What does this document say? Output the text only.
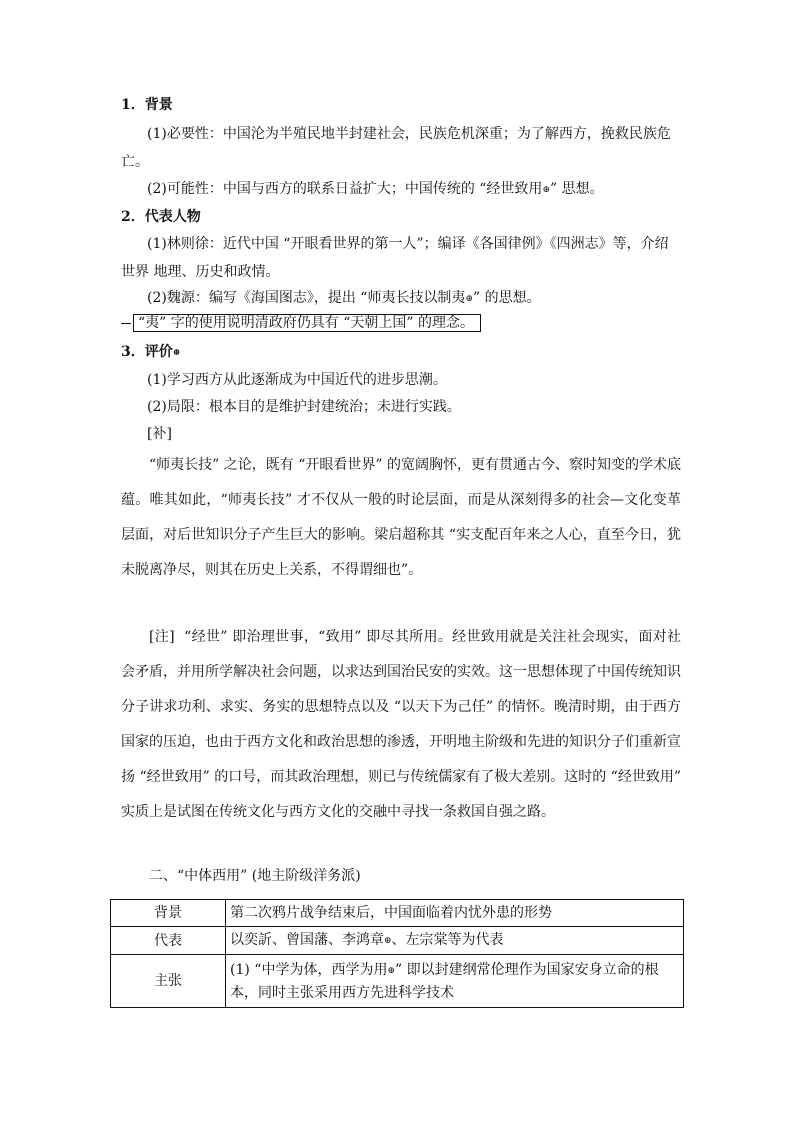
1．背景
(1)必要性：中国沦为半殖民地半封建社会，民族危机深重；为了解西方，挽救民族危
亡。
(2)可能性：中国与西方的联系日益扩大；中国传统的 “经世致用⊕” 思想。
2．代表人物
(1)林则徐：近代中国 “开眼看世界的第一人”；编译《各国律例》《四洲志》等，介绍
世界 地理、历史和政情。
(2)魏源：编写《海国图志》，提出 “师夷长技以制夷⊕” 的思想。
“夷” 字的使用说明清政府仍具有 “天朝上国” 的理念。
3．评价⊕
(1)学习西方从此逐渐成为中国近代的进步思潮。
(2)局限：根本目的是维护封建统治；未进行实践。
[补]
“师夷长技” 之论，既有 “开眼看世界” 的宽阔胸怀，更有贯通古今、察时知变的学术底蕴。唯其如此，“师夷长技” 才不仅从一般的时论层面，而是从深刻得多的社会—文化变革层面，对后世知识分子产生巨大的影响。梁启超称其 “实支配百年来之人心，直至今日，犹未脱离净尽，则其在历史上关系，不得谓细也”。
[注] “经世” 即治理世事，“致用” 即尽其所用。经世致用就是关注社会现实，面对社会矛盾，并用所学解决社会问题，以求达到国治民安的实效。这一思想体现了中国传统知识分子讲求功利、求实、务实的思想特点以及 “以天下为己任” 的情怀。晚清时期，由于西方国家的压迫，也由于西方文化和政治思想的渗透，开明地主阶级和先进的知识分子们重新宣扬 “经世致用” 的口号，而其政治理想，则已与传统儒家有了极大差别。这时的 “经世致用” 实质上是试图在传统文化与西方文化的交融中寻找一条救国自强之路。
二、“中体西用” (地主阶级洋务派)
背景	第二次鸦片战争结束后，中国面临着内忧外患的形势
代表	以奕訢、曾国藩、李鸿章⊕、左宗棠等为代表
主张	(1) “中学为体，西学为用⊕” 即以封建纲常伦理作为国家安身立命的根本，同时主张采用西方先进科学技术
